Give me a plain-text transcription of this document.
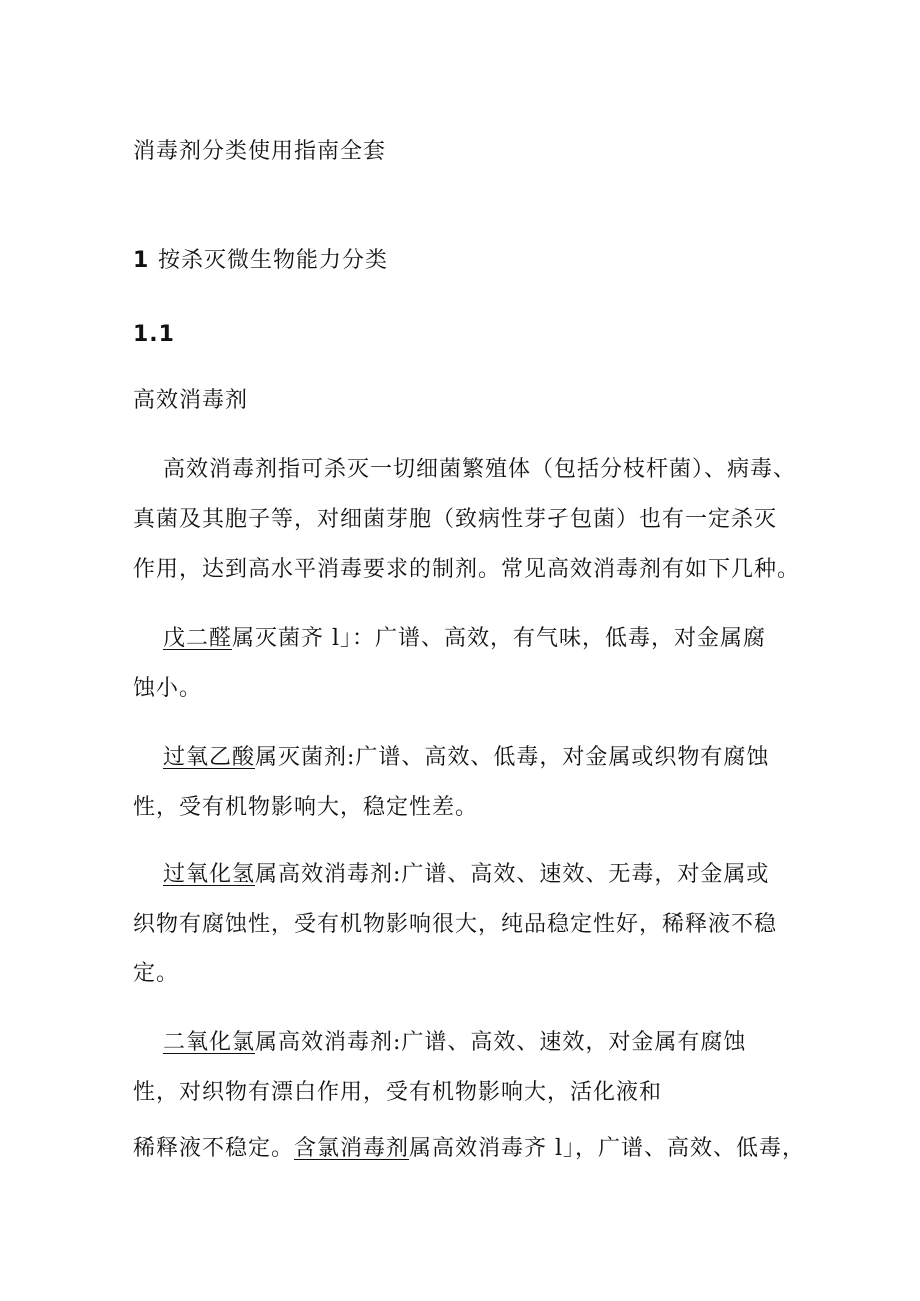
消毒剂分类使用指南全套
1 按杀灭微生物能力分类
1.1
高效消毒剂
高效消毒剂指可杀灭一切细菌繁殖体（包括分枝杆菌）、病毒、
真菌及其胞子等，对细菌芽胞（致病性芽孑包菌）也有一定杀灭
作用，达到高水平消毒要求的制剂。常见高效消毒剂有如下几种。
戊二醛属灭菌齐 l」：广谱、高效，有气味，低毒，对金属腐
蚀小。
过氧乙酸属灭菌剂:广谱、高效、低毒，对金属或织物有腐蚀
性，受有机物影响大，稳定性差。
过氧化氢属高效消毒剂:广谱、高效、速效、无毒，对金属或
织物有腐蚀性，受有机物影响很大，纯品稳定性好，稀释液不稳
定。
二氧化氯属高效消毒剂:广谱、高效、速效，对金属有腐蚀
性，对织物有漂白作用，受有机物影响大，活化液和
稀释液不稳定。含氯消毒剂属高效消毒齐 l」，广谱、高效、低毒，
